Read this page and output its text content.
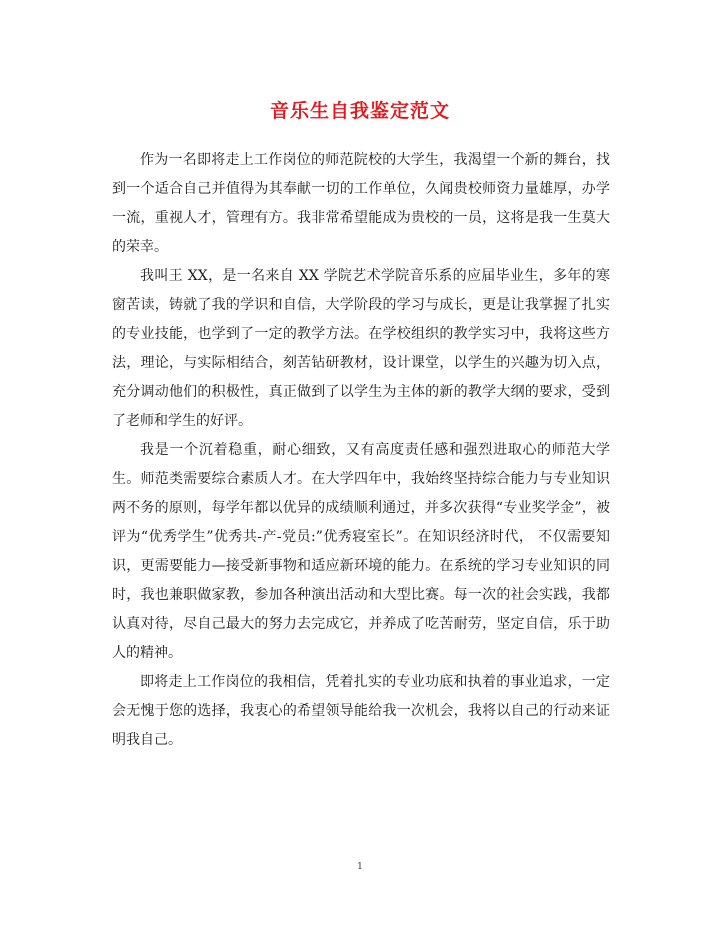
音乐生自我鉴定范文

作为一名即将走上工作岗位的师范院校的大学生，我渴望一个新的舞台，找到一个适合自己并值得为其奉献一切的工作单位，久闻贵校师资力量雄厚，办学一流，重视人才，管理有方。我非常希望能成为贵校的一员，这将是我一生莫大的荣幸。

我叫王 XX，是一名来自 XX 学院艺术学院音乐系的应届毕业生，多年的寒窗苦读，铸就了我的学识和自信，大学阶段的学习与成长，更是让我掌握了扎实的专业技能，也学到了一定的教学方法。在学校组织的教学实习中，我将这些方法，理论，与实际相结合，刻苦钻研教材，设计课堂，以学生的兴趣为切入点，充分调动他们的积极性，真正做到了以学生为主体的新的教学大纲的要求，受到了老师和学生的好评。

我是一个沉着稳重，耐心细致，又有高度责任感和强烈进取心的师范大学生。师范类需要综合素质人才。在大学四年中，我始终坚持综合能力与专业知识两不务的原则，每学年都以优异的成绩顺利通过，并多次获得“专业奖学金”，被评为“优秀学生”优秀共-产-党员:”优秀寝室长”。在知识经济时代， 不仅需要知识，更需要能力—接受新事物和适应新环境的能力。在系统的学习专业知识的同时，我也兼职做家教，参加各种演出活动和大型比赛。每一次的社会实践，我都认真对待，尽自己最大的努力去完成它，并养成了吃苦耐劳，坚定自信，乐于助人的精神。

即将走上工作岗位的我相信，凭着扎实的专业功底和执着的事业追求，一定会无愧于您的选择，我衷心的希望领导能给我一次机会，我将以自己的行动来证明我自己。

1
